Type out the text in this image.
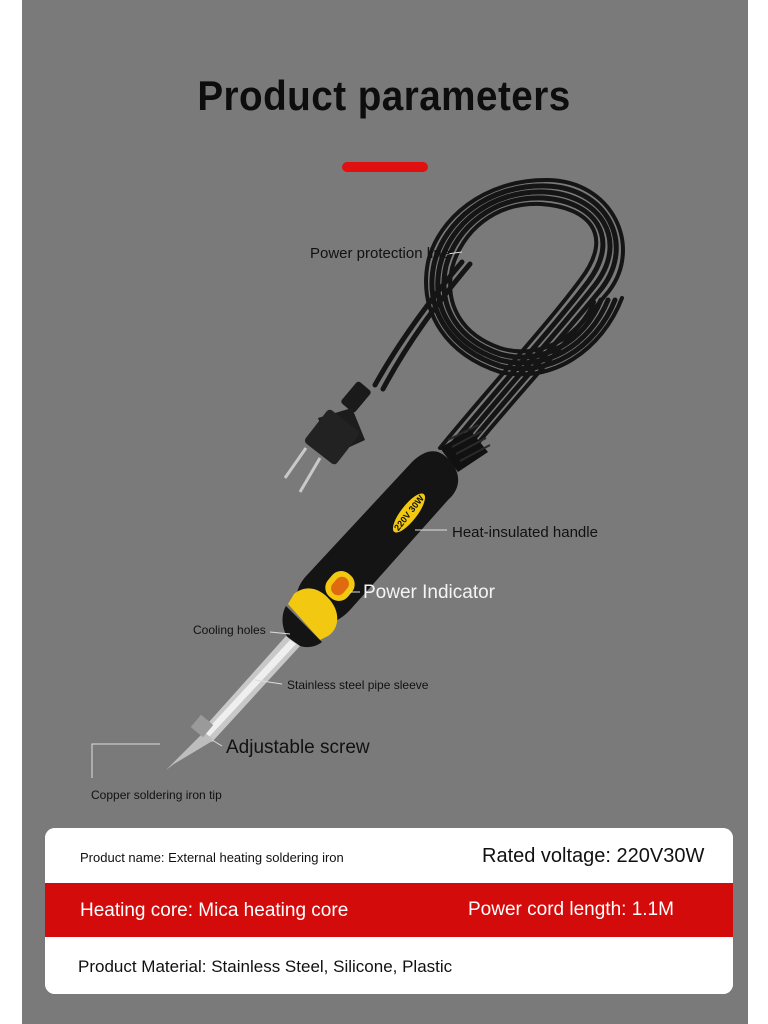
Product parameters
220V 30W
Power protection line
Heat-insulated handle
Power Indicator
Cooling holes
Stainless steel pipe sleeve
Adjustable screw
Copper soldering iron tip
Product name: External heating soldering iron	Rated voltage: 220V30W
Heating core: Mica heating core	Power cord length: 1.1M
Product Material: Stainless Steel, Silicone, Plastic
